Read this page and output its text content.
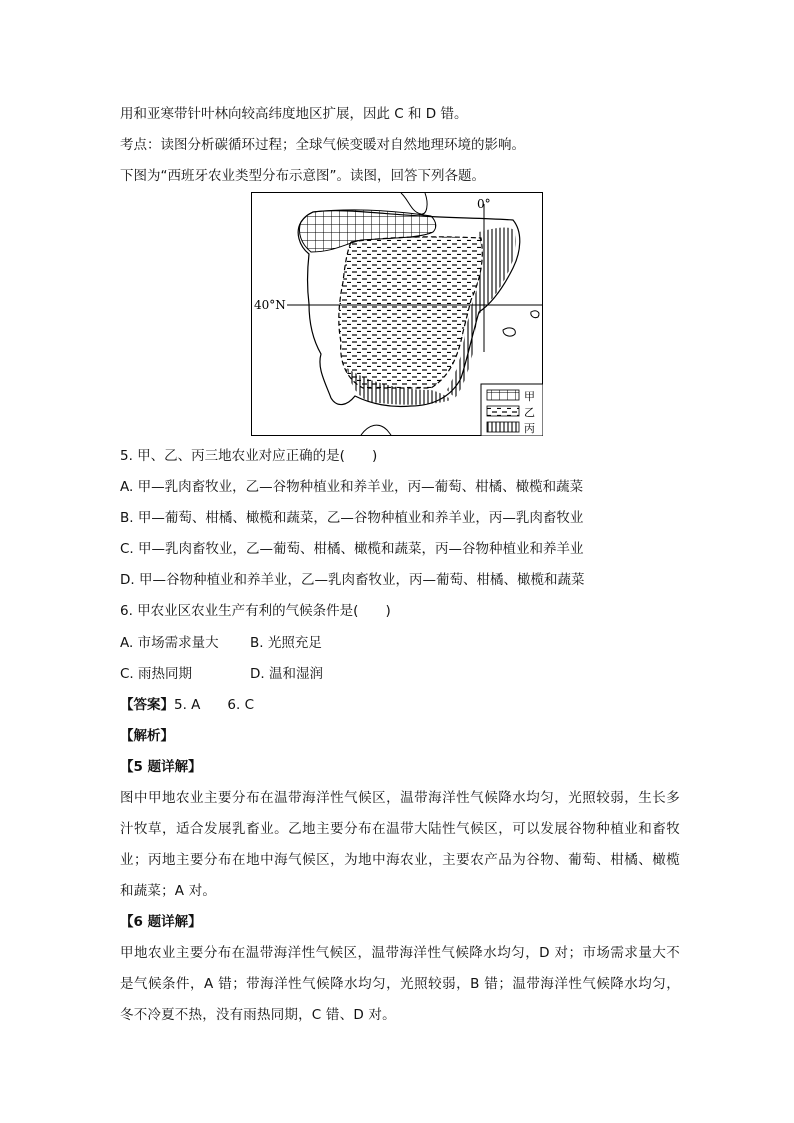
用和亚寒带针叶林向较高纬度地区扩展，因此 C 和 D 错。
考点：读图分析碳循环过程；全球气候变暖对自然地理环境的影响。
下图为“西班牙农业类型分布示意图”。读图，回答下列各题。
0°
40°N
甲
乙
丙
5. 甲、乙、丙三地农业对应正确的是(　　)
A. 甲—乳肉畜牧业，乙—谷物种植业和养羊业，丙—葡萄、柑橘、橄榄和蔬菜
B. 甲—葡萄、柑橘、橄榄和蔬菜，乙—谷物种植业和养羊业，丙—乳肉畜牧业
C. 甲—乳肉畜牧业，乙—葡萄、柑橘、橄榄和蔬菜，丙—谷物种植业和养羊业
D. 甲—谷物种植业和养羊业，乙—乳肉畜牧业，丙—葡萄、柑橘、橄榄和蔬菜
6. 甲农业区农业生产有利的气候条件是(　　)
A. 市场需求量大 B. 光照充足
C. 雨热同期	D. 温和湿润
【答案】5. A　　6. C
【解析】
【5 题详解】
图中甲地农业主要分布在温带海洋性气候区，温带海洋性气候降水均匀，光照较弱，生长多汁牧草，适合发展乳畜业。乙地主要分布在温带大陆性气候区，可以发展谷物种植业和畜牧业；丙地主要分布在地中海气候区，为地中海农业，主要农产品为谷物、葡萄、柑橘、橄榄和蔬菜；A 对。
【6 题详解】
甲地农业主要分布在温带海洋性气候区，温带海洋性气候降水均匀，D 对；市场需求量大不是气候条件，A 错；带海洋性气候降水均匀，光照较弱，B 错；温带海洋性气候降水均匀，冬不冷夏不热，没有雨热同期，C 错、D 对。
